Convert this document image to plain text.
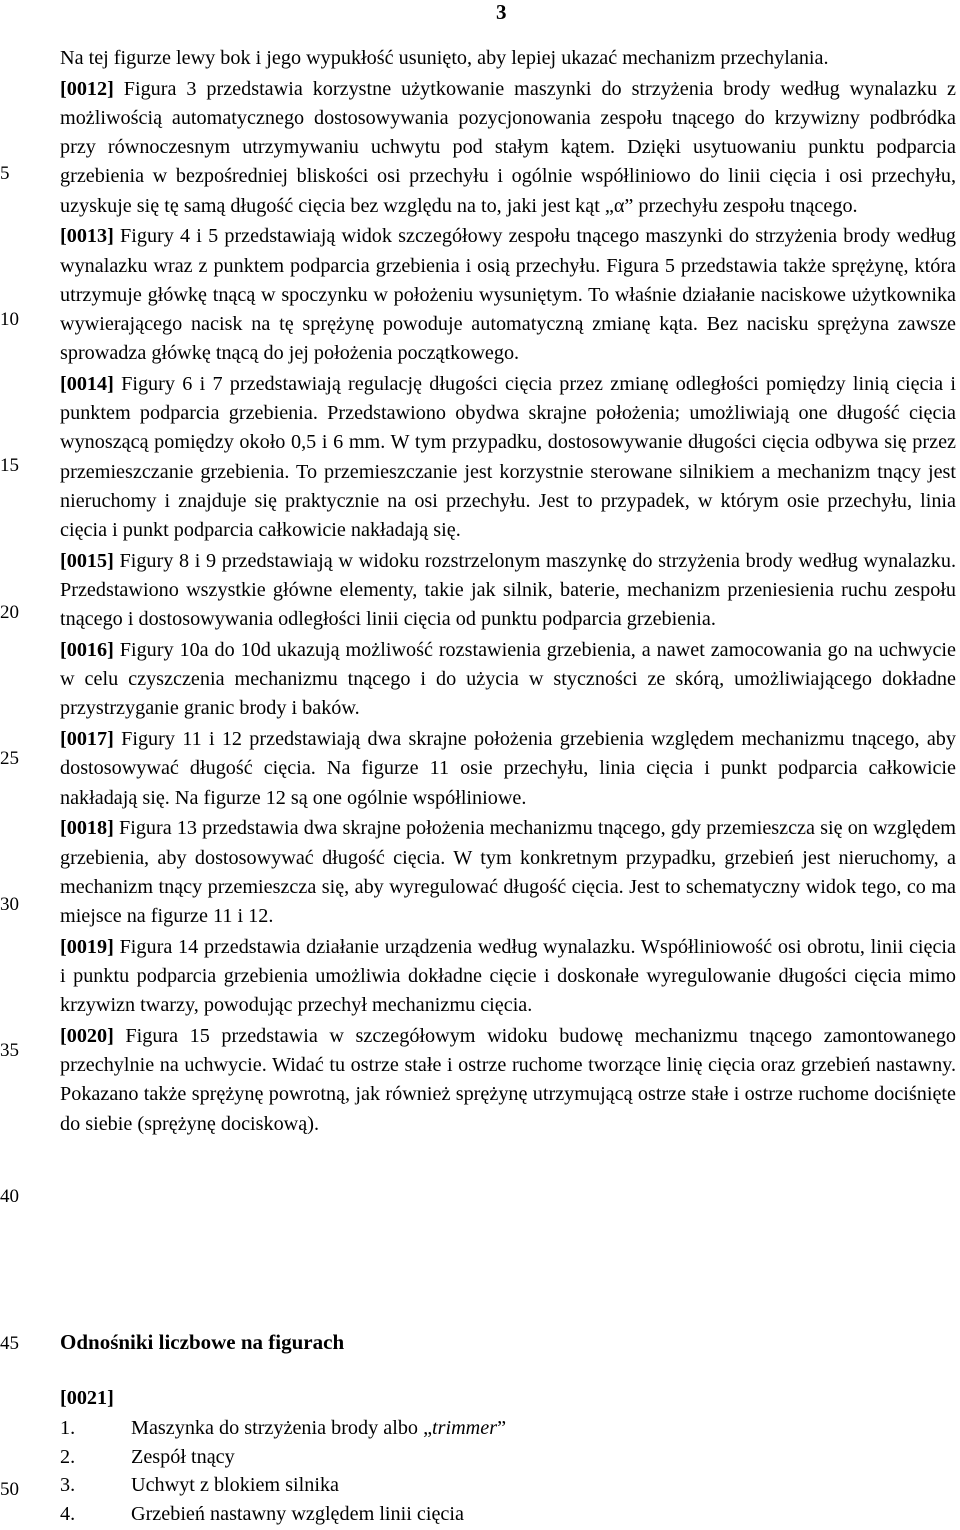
3
5
10
15
20
25
30
35
40
45
50

Na tej figurze lewy bok i jego wypukłość usunięto, aby lepiej ukazać mechanizm przechylania.

[0012] Figura 3 przedstawia korzystne użytkowanie maszynki do strzyżenia brody według wynalazku z możliwością automatycznego dostosowywania pozycjonowania zespołu tnącego do krzywizny podbródka przy równoczesnym utrzymywaniu uchwytu pod stałym kątem. Dzięki usytuowaniu punktu podparcia grzebienia w bezpośredniej bliskości osi przechyłu i ogólnie współliniowo do linii cięcia i osi przechyłu, uzyskuje się tę samą długość cięcia bez względu na to, jaki jest kąt „α” przechyłu zespołu tnącego.

[0013] Figury 4 i 5 przedstawiają widok szczegółowy zespołu tnącego maszynki do strzyżenia brody według wynalazku wraz z punktem podparcia grzebienia i osią przechyłu. Figura 5 przedstawia także sprężynę, która utrzymuje główkę tnącą w spoczynku w położeniu wysuniętym. To właśnie działanie naciskowe użytkownika wywierającego nacisk na tę sprężynę powoduje automatyczną zmianę kąta. Bez nacisku sprężyna zawsze sprowadza główkę tnącą do jej położenia początkowego.

[0014] Figury 6 i 7 przedstawiają regulację długości cięcia przez zmianę odległości pomiędzy linią cięcia i punktem podparcia grzebienia. Przedstawiono obydwa skrajne położenia; umożliwiają one długość cięcia wynoszącą pomiędzy około 0,5 i 6 mm. W tym przypadku, dostosowywanie długości cięcia odbywa się przez przemieszczanie grzebienia. To przemieszczanie jest korzystnie sterowane silnikiem a mechanizm tnący jest nieruchomy i znajduje się praktycznie na osi przechyłu. Jest to przypadek, w którym osie przechyłu, linia cięcia i punkt podparcia całkowicie nakładają się.

[0015] Figury 8 i 9 przedstawiają w widoku rozstrzelonym maszynkę do strzyżenia brody według wynalazku. Przedstawiono wszystkie główne elementy, takie jak silnik, baterie, mechanizm przeniesienia ruchu zespołu tnącego i dostosowywania odległości linii cięcia od punktu podparcia grzebienia.

[0016] Figury 10a do 10d ukazują możliwość rozstawienia grzebienia, a nawet zamocowania go na uchwycie w celu czyszczenia mechanizmu tnącego i do użycia w styczności ze skórą, umożliwiającego dokładne przystrzyganie granic brody i baków.

[0017] Figury 11 i 12 przedstawiają dwa skrajne położenia grzebienia względem mechanizmu tnącego, aby dostosowywać długość cięcia. Na figurze 11 osie przechyłu, linia cięcia i punkt podparcia całkowicie nakładają się. Na figurze 12 są one ogólnie współliniowe.

[0018] Figura 13 przedstawia dwa skrajne położenia mechanizmu tnącego, gdy przemieszcza się on względem grzebienia, aby dostosowywać długość cięcia. W tym konkretnym przypadku, grzebień jest nieruchomy, a mechanizm tnący przemieszcza się, aby wyregulować długość cięcia. Jest to schematyczny widok tego, co ma miejsce na figurze 11 i 12.

[0019] Figura 14 przedstawia działanie urządzenia według wynalazku. Współliniowość osi obrotu, linii cięcia i punktu podparcia grzebienia umożliwia dokładne cięcie i doskonałe wyregulowanie długości cięcia mimo krzywizn twarzy, powodując przechył mechanizmu cięcia.

[0020] Figura 15 przedstawia w szczegółowym widoku budowę mechanizmu tnącego zamontowanego przechylnie na uchwycie. Widać tu ostrze stałe i ostrze ruchome tworzące linię cięcia oraz grzebień nastawny. Pokazano także sprężynę powrotną, jak również sprężynę utrzymującą ostrze stałe i ostrze ruchome dociśnięte do siebie (sprężynę dociskową).

Odnośniki liczbowe na figurach
[0021]
1.	Maszynka do strzyżenia brody albo „trimmer”
2.	Zespół tnący
3.	Uchwyt z blokiem silnika
4.	Grzebień nastawny względem linii cięcia
